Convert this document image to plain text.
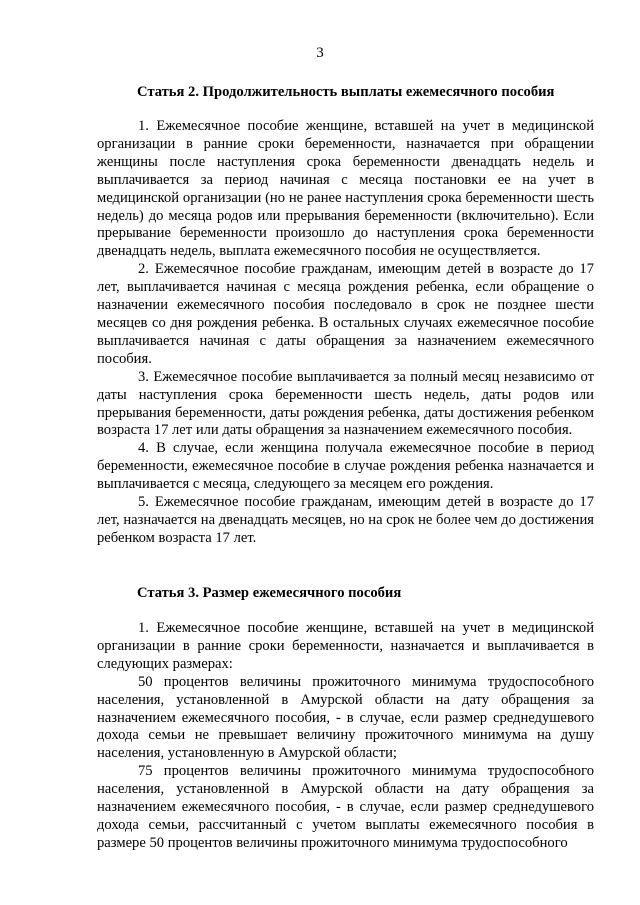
3
Статья 2. Продолжительность выплаты ежемесячного пособия

1. Ежемесячное пособие женщине, вставшей на учет в медицинской организации в ранние сроки беременности, назначается при обращении женщины после наступления срока беременности двенадцать недель и выплачивается за период начиная с месяца постановки ее на учет в медицинской организации (но не ранее наступления срока беременности шесть недель) до месяца родов или прерывания беременности (включительно). Если прерывание беременности произошло до наступления срока беременности двенадцать недель, выплата ежемесячного пособия не осуществляется.

2. Ежемесячное пособие гражданам, имеющим детей в возрасте до 17 лет, выплачивается начиная с месяца рождения ребенка, если обращение о назначении ежемесячного пособия последовало в срок не позднее шести месяцев со дня рождения ребенка. В остальных случаях ежемесячное пособие выплачивается начиная с даты обращения за назначением ежемесячного пособия.

3. Ежемесячное пособие выплачивается за полный месяц независимо от даты наступления срока беременности шесть недель, даты родов или прерывания беременности, даты рождения ребенка, даты достижения ребенком возраста 17 лет или даты обращения за назначением ежемесячного пособия.

4. В случае, если женщина получала ежемесячное пособие в период беременности, ежемесячное пособие в случае рождения ребенка назначается и выплачивается с месяца, следующего за месяцем его рождения.

5. Ежемесячное пособие гражданам, имеющим детей в возрасте до 17 лет, назначается на двенадцать месяцев, но на срок не более чем до достижения ребенком возраста 17 лет.

Статья 3. Размер ежемесячного пособия

1. Ежемесячное пособие женщине, вставшей на учет в медицинской организации в ранние сроки беременности, назначается и выплачивается в следующих размерах:

50 процентов величины прожиточного минимума трудоспособного населения, установленной в Амурской области на дату обращения за назначением ежемесячного пособия, - в случае, если размер среднедушевого дохода семьи не превышает величину прожиточного минимума на душу населения, установленную в Амурской области;

75 процентов величины прожиточного минимума трудоспособного населения, установленной в Амурской области на дату обращения за назначением ежемесячного пособия, - в случае, если размер среднедушевого дохода семьи, рассчитанный с учетом выплаты ежемесячного пособия в размере 50 процентов величины прожиточного минимума трудоспособного
